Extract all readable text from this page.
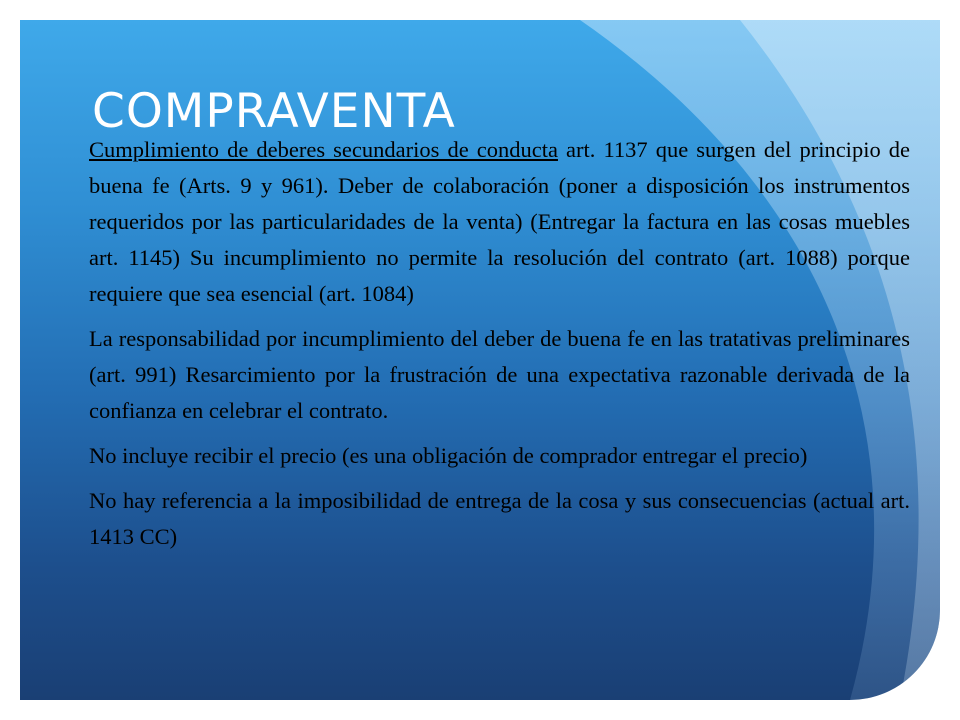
COMPRAVENTA

Cumplimiento de deberes secundarios de conducta art. 1137 que surgen del principio de buena fe (Arts. 9 y 961). Deber de colaboración (poner a disposición los instrumentos requeridos por las particularidades de la venta) (Entregar la factura en las cosas muebles art. 1145) Su incumplimiento no permite la resolución del contrato (art. 1088) porque requiere que sea esencial (art. 1084)

La responsabilidad por incumplimiento del deber de buena fe en las tratativas preliminares (art. 991) Resarcimiento por la frustración de una expectativa razonable derivada de la confianza en celebrar el contrato.

No incluye recibir el precio (es una obligación de comprador entregar el precio)

No hay referencia a la imposibilidad de entrega de la cosa y sus consecuencias (actual art. 1413 CC)
